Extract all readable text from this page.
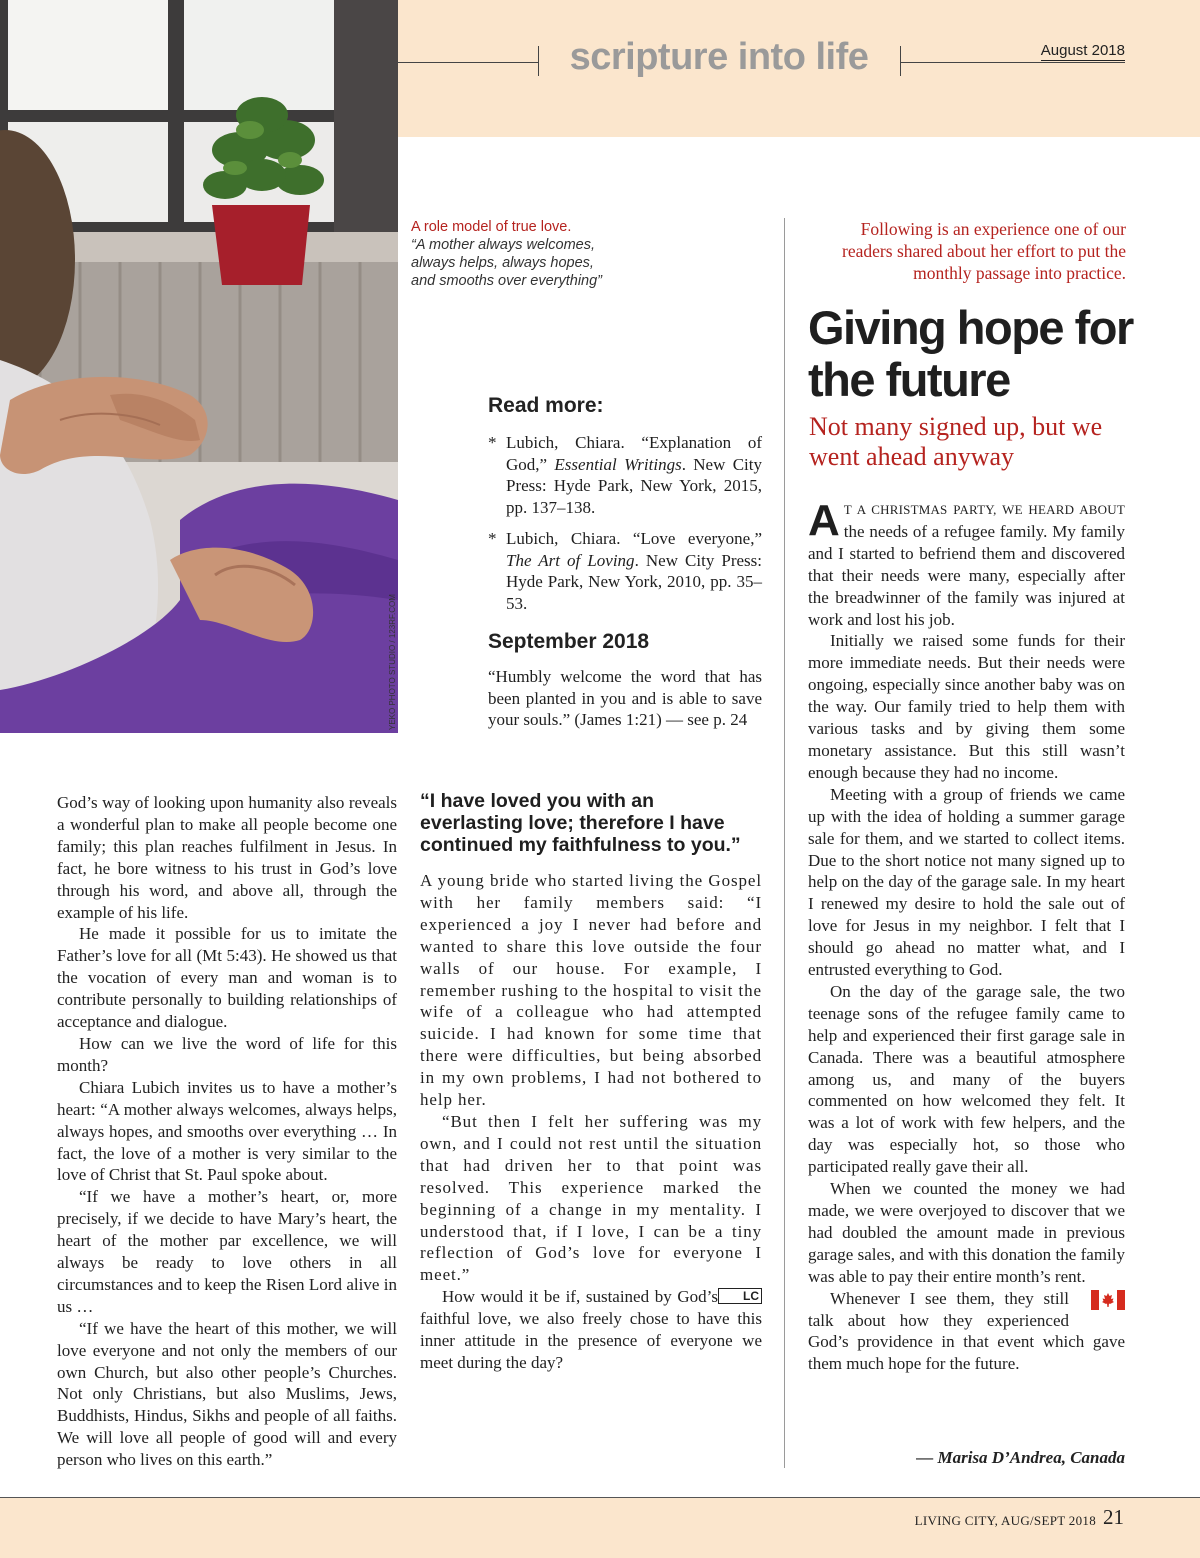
scripture into life	August 2018
YEKO PHOTO STUDIO / 123RF.COM
A role model of true love.
“A mother always welcomes,
always helps, always hopes,
and smooths over everything”
Read more:
* Lubich, Chiara. “Explanation of God,” Essential Writings. New City Press: Hyde Park, New York, 2015, pp. 137–138.
* Lubich, Chiara. “Love everyone,” The Art of Loving. New City Press: Hyde Park, New York, 2010, pp. 35–53.
September 2018
“Humbly welcome the word that has been planted in you and is able to save your souls.” (James 1:21) — see p. 24

God’s way of looking upon humanity also reveals a wonderful plan to make all people become one family; this plan reaches fulfilment in Jesus. In fact, he bore witness to his trust in God’s love through his word, and above all, through the example of his life.

He made it possible for us to imitate the Father’s love for all (Mt 5:43). He showed us that the vocation of every man and woman is to contribute personally to building relationships of acceptance and dialogue.

How can we live the word of life for this month?

Chiara Lubich invites us to have a mother’s heart: “A mother always welcomes, always helps, always hopes, and smooths over everything … In fact, the love of a mother is very similar to the love of Christ that St. Paul spoke about.

“If we have a mother’s heart, or, more precisely, if we decide to have Mary’s heart, the heart of the mother par excellence, we will always be ready to love others in all circumstances and to keep the Risen Lord alive in us …

“If we have the heart of this mother, we will love everyone and not only the members of our own Church, but also other people’s Churches. Not only Christians, but also Muslims, Jews, Buddhists, Hindus, Sikhs and people of all faiths. We will love all people of good will and every person who lives on this earth.”

“I have loved you with an everlasting love; therefore I have continued my faithfulness to you.”

A young bride who started living the Gospel with her family members said: “I experienced a joy I never had before and wanted to share this love outside the four walls of our house. For example, I remember rushing to the hospital to visit the wife of a colleague who had attempted suicide. I had known for some time that there were difficulties, but being absorbed in my own problems, I had not bothered to help her.

“But then I felt her suffering was my own, and I could not rest until the situation that had driven her to that point was resolved. This experience marked the beginning of a change in my mentality. I understood that, if I love, I can be a tiny reflection of God’s love for everyone I meet.”

LC
How would it be if, sustained by God’s faithful love, we also freely chose to have this inner attitude in the presence of everyone we meet during the day?

Following is an experience one of our readers shared about her effort to put the monthly passage into practice.
Giving hope for the future
Not many signed up, but we went ahead anyway

A T A CHRISTMAS PARTY, WE HEARD ABOUT the needs of a refugee family. My family and I started to befriend them and discovered that their needs were many, especially after the breadwinner of the family was injured at work and lost his job.

Initially we raised some funds for their more immediate needs. But their needs were ongoing, especially since another baby was on the way. Our family tried to help them with various tasks and by giving them some monetary assistance. But this still wasn’t enough because they had no income.

Meeting with a group of friends we came up with the idea of holding a summer garage sale for them, and we started to collect items. Due to the short notice not many signed up to help on the day of the garage sale. In my heart I renewed my desire to hold the sale out of love for Jesus in my neighbor. I felt that I should go ahead no matter what, and I entrusted everything to God.

On the day of the garage sale, the two teenage sons of the refugee family came to help and experienced their first garage sale in Canada. There was a beautiful atmosphere among us, and many of the buyers commented on how welcomed they felt. It was a lot of work with few helpers, and the day was especially hot, so those who participated really gave their all.

When we counted the money we had made, we were overjoyed to discover that we had doubled the amount made in previous garage sales, and with this donation the family was able to pay their entire month’s rent.

Whenever I see them, they still talk about how they experienced God’s providence in that event which gave them much hope for the future.

— Marisa D’Andrea, Canada
LIVING CITY, AUG/SEPT 2018 21
